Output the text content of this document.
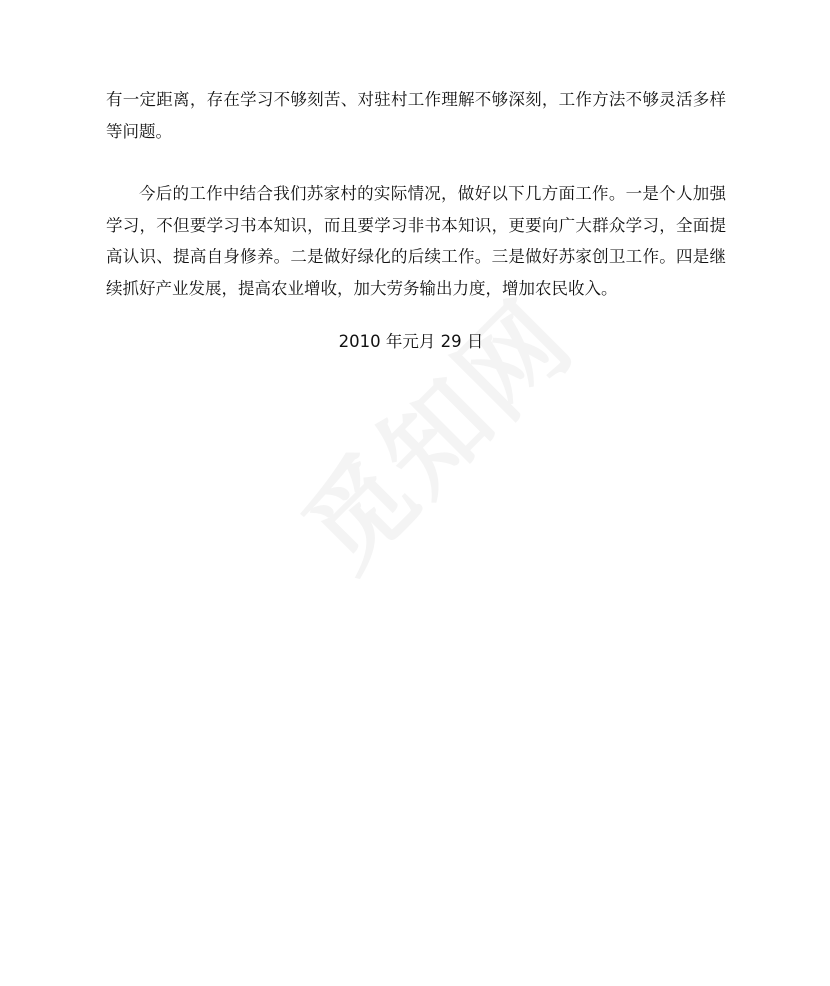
有一定距离，存在学习不够刻苦、对驻村工作理解不够深刻，工作方法不够灵活多样等问题。

今后的工作中结合我们苏家村的实际情况，做好以下几方面工作。一是个人加强学习，不但要学习书本知识，而且要学习非书本知识，更要向广大群众学习，全面提高认识、提高自身修养。二是做好绿化的后续工作。三是做好苏家创卫工作。四是继续抓好产业发展，提高农业增收，加大劳务输出力度，增加农民收入。

2010 年元月 29 日
